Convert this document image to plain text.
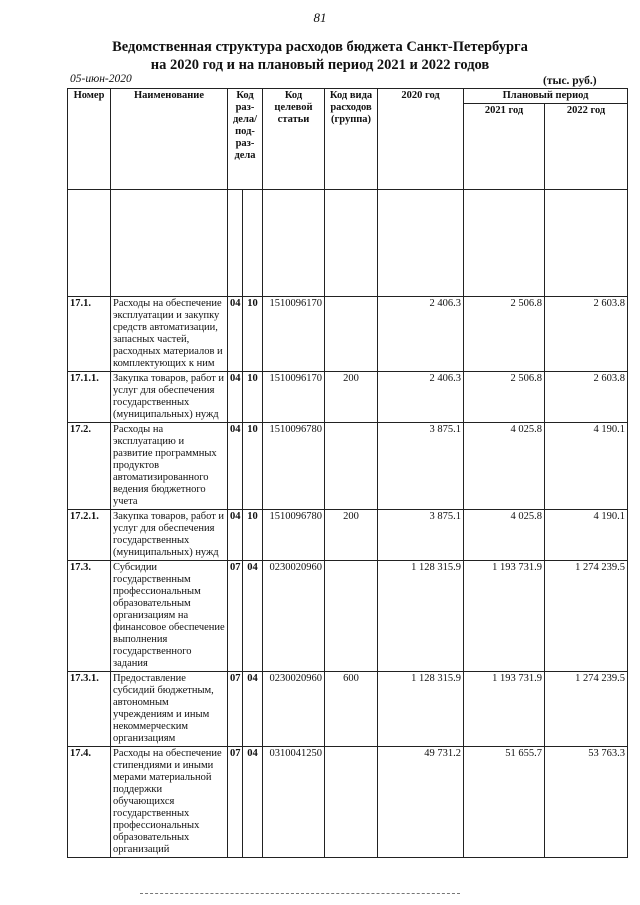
81
Ведомственная структура расходов бюджета Санкт-Петербурга
на 2020 год и на плановый период 2021 и 2022 годов
05-июн-2020	(тыс. руб.)
Номер	Наименование	Код раз- дела/ под- раз- дела		Код целевой статьи	Код вида расходов (группа)	2020 год	Плановый период	
							2021 год	2022 год

17.1.	Расходы на обеспечение эксплуатации и закупку средств автоматизации, запасных частей, расходных материалов и комплектующих к ним	04	10	1510096170		2 406.3	2 506.8	2 603.8
17.1.1.	Закупка товаров, работ и услуг для обеспечения государственных (муниципальных) нужд	04	10	1510096170	200	2 406.3	2 506.8	2 603.8
17.2.	Расходы на эксплуатацию и развитие программных продуктов автоматизированного ведения бюджетного учета	04	10	1510096780		3 875.1	4 025.8	4 190.1
17.2.1.	Закупка товаров, работ и услуг для обеспечения государственных (муниципальных) нужд	04	10	1510096780	200	3 875.1	4 025.8	4 190.1
17.3.	Субсидии государственным профессиональным образовательным организациям на финансовое обеспечение выполнения государственного задания	07	04	0230020960		1 128 315.9	1 193 731.9	1 274 239.5
17.3.1.	Предоставление субсидий бюджетным, автономным учреждениям и иным некоммерческим организациям	07	04	0230020960	600	1 128 315.9	1 193 731.9	1 274 239.5
17.4.	Расходы на обеспечение стипендиями и иными мерами материальной поддержки обучающихся государственных профессиональных образовательных организаций	07	04	0310041250		49 731.2	51 655.7	53 763.3
